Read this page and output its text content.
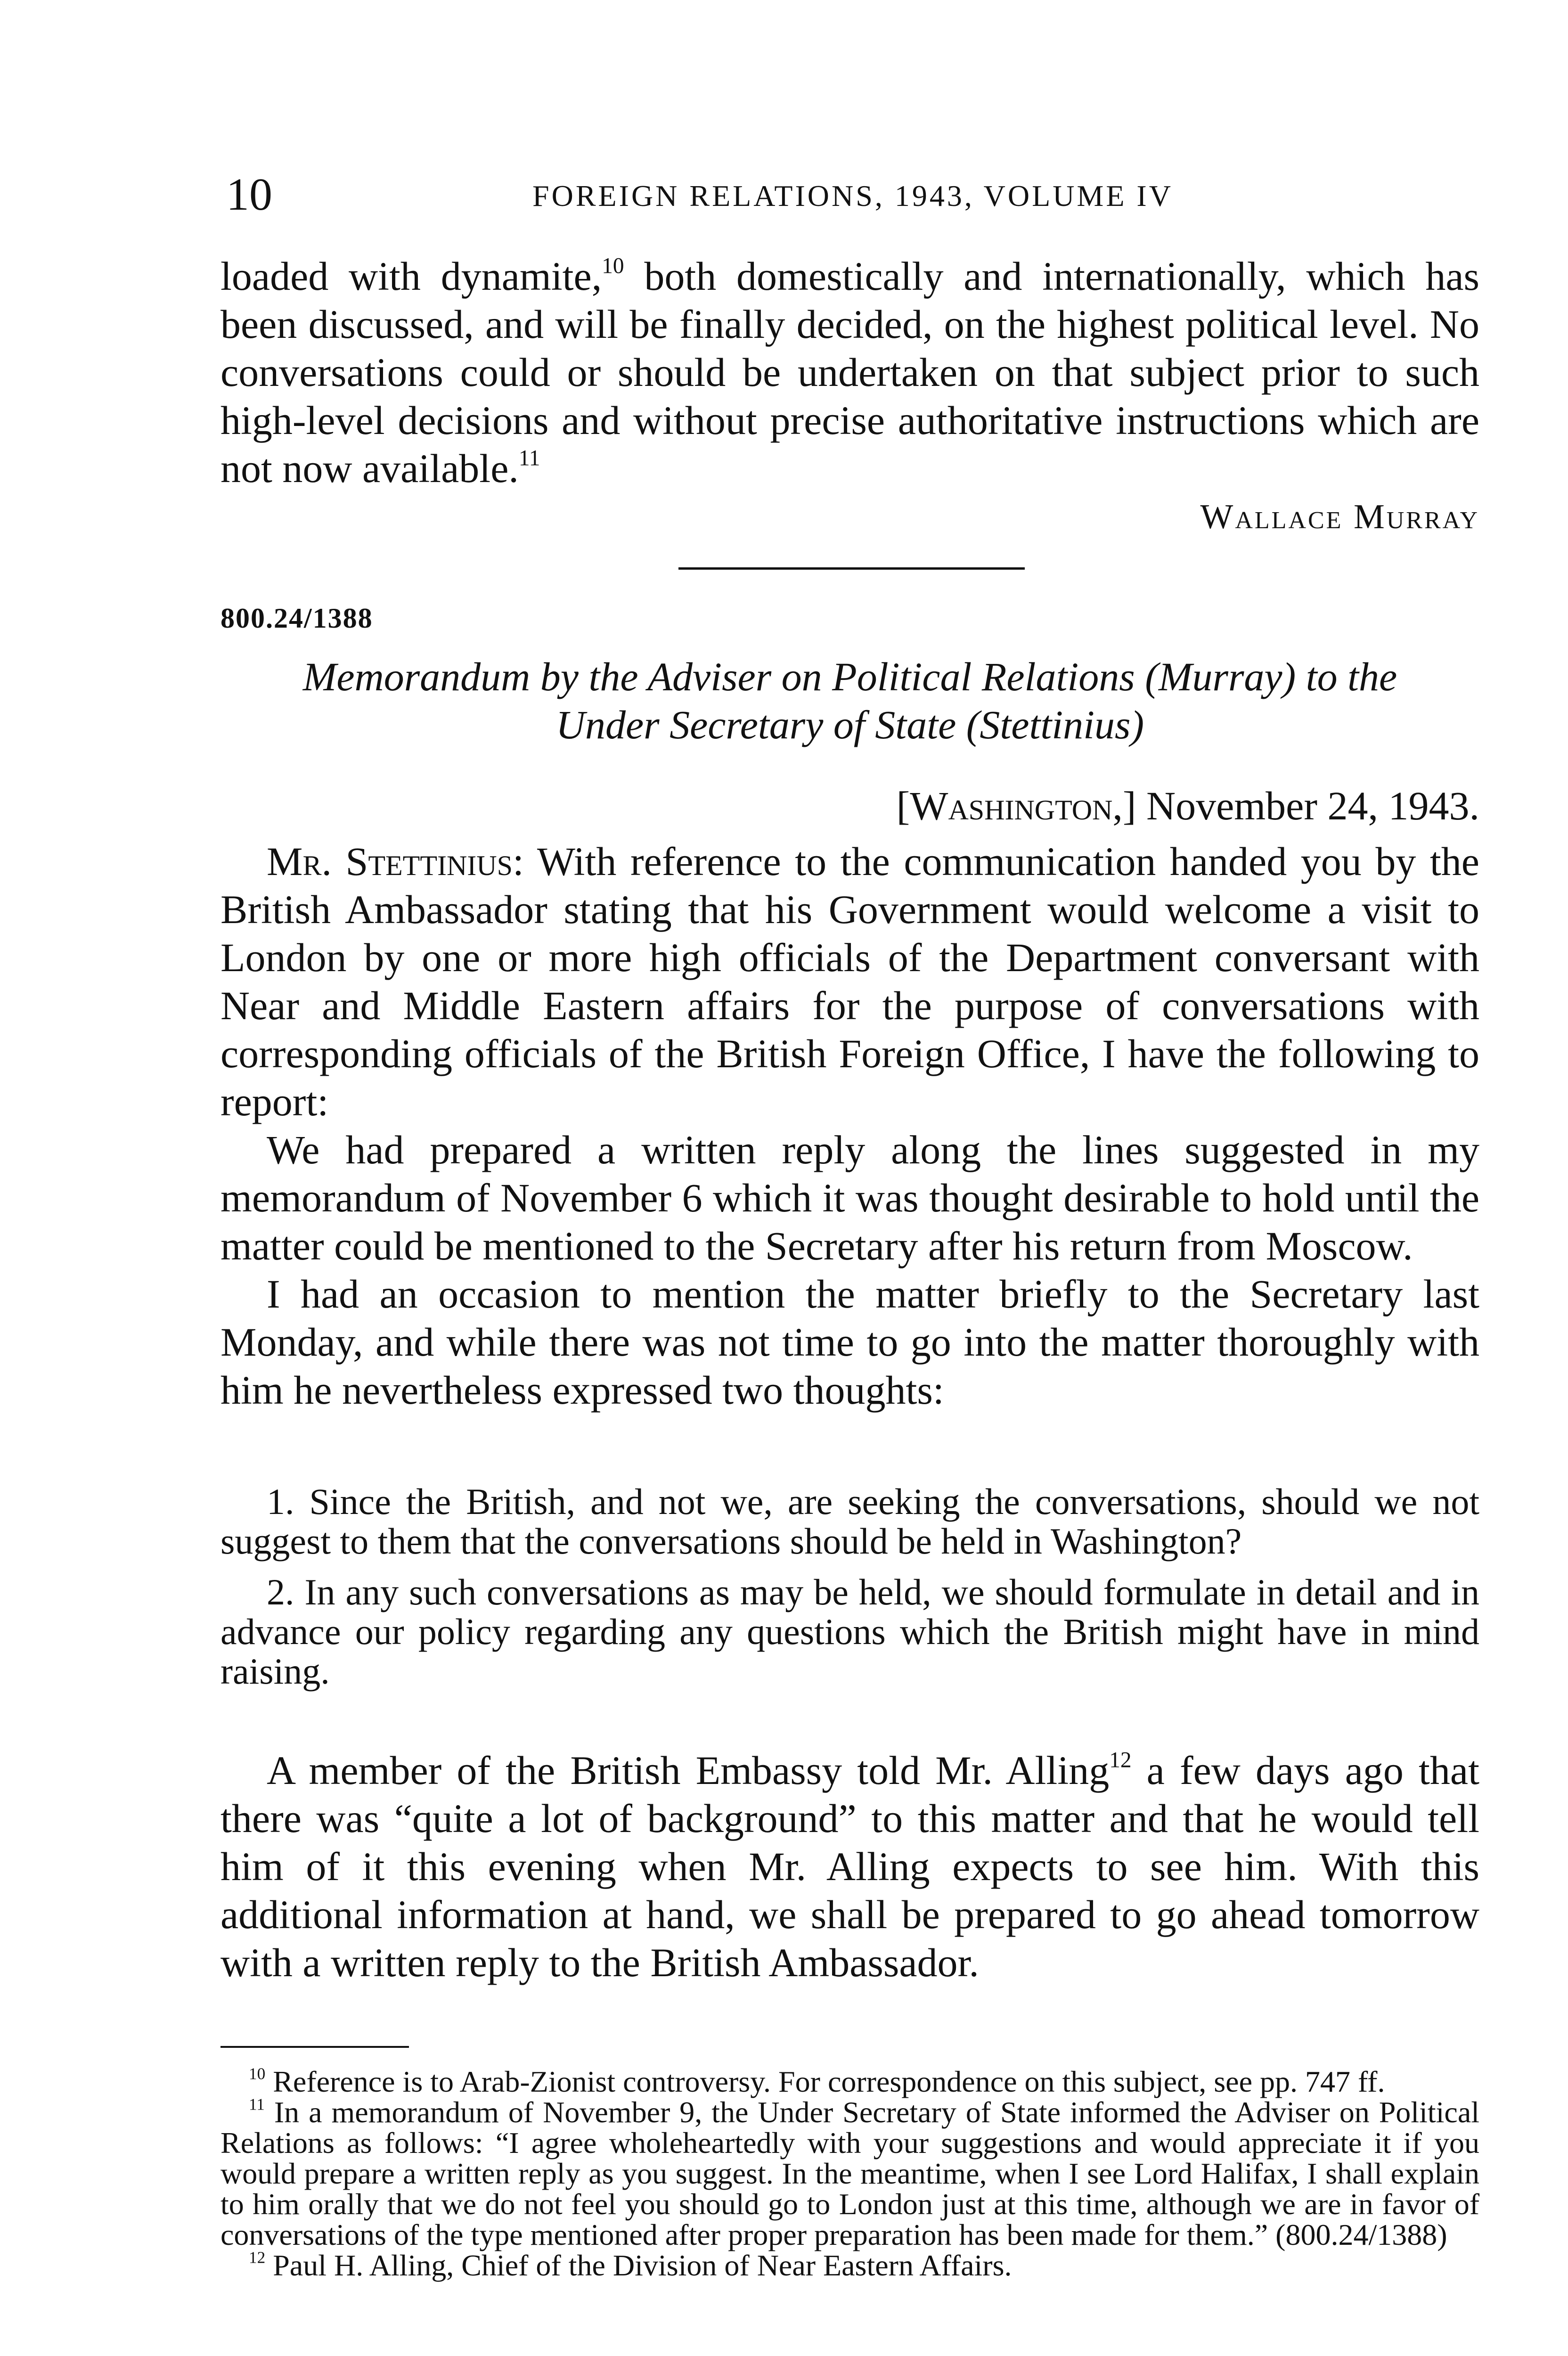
10	FOREIGN RELATIONS, 1943, VOLUME IV

loaded with dynamite,$^{10}$ both domestically and internationally, which has been discussed, and will be finally decided, on the highest political level. No conversations could or should be undertaken on that subject prior to such high-level decisions and without precise authoritative instructions which are not now available.$^{11}$

Wallace Murray
800.24/1388

Memorandum by the Adviser on Political Relations (Murray) to the

Under Secretary of State (Stettinius)

[Washington,] November 24, 1943.

Mr. Stettinius: With reference to the communication handed you by the British Ambassador stating that his Government would welcome a visit to London by one or more high officials of the Department conversant with Near and Middle Eastern affairs for the purpose of conversations with corresponding officials of the British Foreign Office, I have the following to report:

We had prepared a written reply along the lines suggested in my memorandum of November 6 which it was thought desirable to hold until the matter could be mentioned to the Secretary after his return from Moscow.

I had an occasion to mention the matter briefly to the Secretary last Monday, and while there was not time to go into the matter thoroughly with him he nevertheless expressed two thoughts:

1. Since the British, and not we, are seeking the conversations, should we not suggest to them that the conversations should be held in Washington?

2. In any such conversations as may be held, we should formulate in detail and in advance our policy regarding any questions which the British might have in mind raising.

A member of the British Embassy told Mr. Alling$^{12}$ a few days ago that there was “quite a lot of background” to this matter and that he would tell him of it this evening when Mr. Alling expects to see him. With this additional information at hand, we shall be prepared to go ahead tomorrow with a written reply to the British Ambassador.

$^{10}$ Reference is to Arab-Zionist controversy. For correspondence on this subject, see pp. 747 ff.

$^{11}$ In a memorandum of November 9, the Under Secretary of State informed the Adviser on Political Relations as follows: “I agree wholeheartedly with your suggestions and would appreciate it if you would prepare a written reply as you suggest. In the meantime, when I see Lord Halifax, I shall explain to him orally that we do not feel you should go to London just at this time, although we are in favor of conversations of the type mentioned after proper preparation has been made for them.” (800.24/1388)

$^{12}$ Paul H. Alling, Chief of the Division of Near Eastern Affairs.
